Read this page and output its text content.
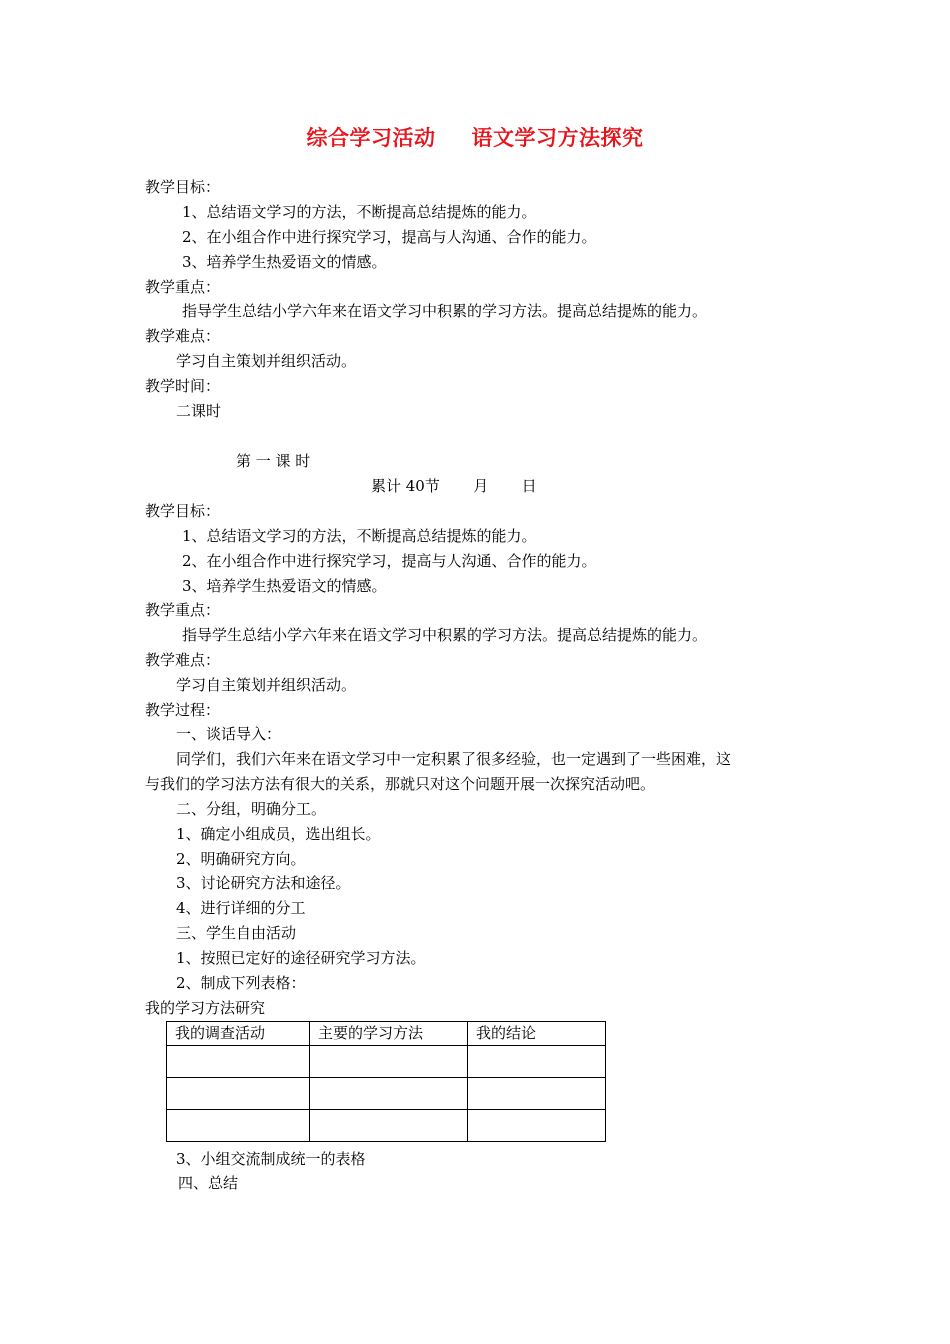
综合学习活动 语文学习方法探究
教学目标：
1、总结语文学习的方法，不断提高总结提炼的能力。
2、在小组合作中进行探究学习，提高与人沟通、合作的能力。
3、培养学生热爱语文的情感。
教学重点：
指导学生总结小学六年来在语文学习中积累的学习方法。提高总结提炼的能力。
教学难点：
学习自主策划并组织活动。
教学时间：
二课时
第 一 课 时
累计 40节       月       日
教学目标：
1、总结语文学习的方法，不断提高总结提炼的能力。
2、在小组合作中进行探究学习，提高与人沟通、合作的能力。
3、培养学生热爱语文的情感。
教学重点：
指导学生总结小学六年来在语文学习中积累的学习方法。提高总结提炼的能力。
教学难点：
学习自主策划并组织活动。
教学过程：
一、谈话导入：
同学们，我们六年来在语文学习中一定积累了很多经验，也一定遇到了一些困难，这
与我们的学习法方法有很大的关系，那就只对这个问题开展一次探究活动吧。
二、分组，明确分工。
1、确定小组成员，选出组长。
2、明确研究方向。
3、讨论研究方法和途径。
4、进行详细的分工
三、学生自由活动
1、按照已定好的途径研究学习方法。
2、制成下列表格：
我的学习方法研究
我的调查活动	主要的学习方法	我的结论

3、小组交流制成统一的表格
四、总结
